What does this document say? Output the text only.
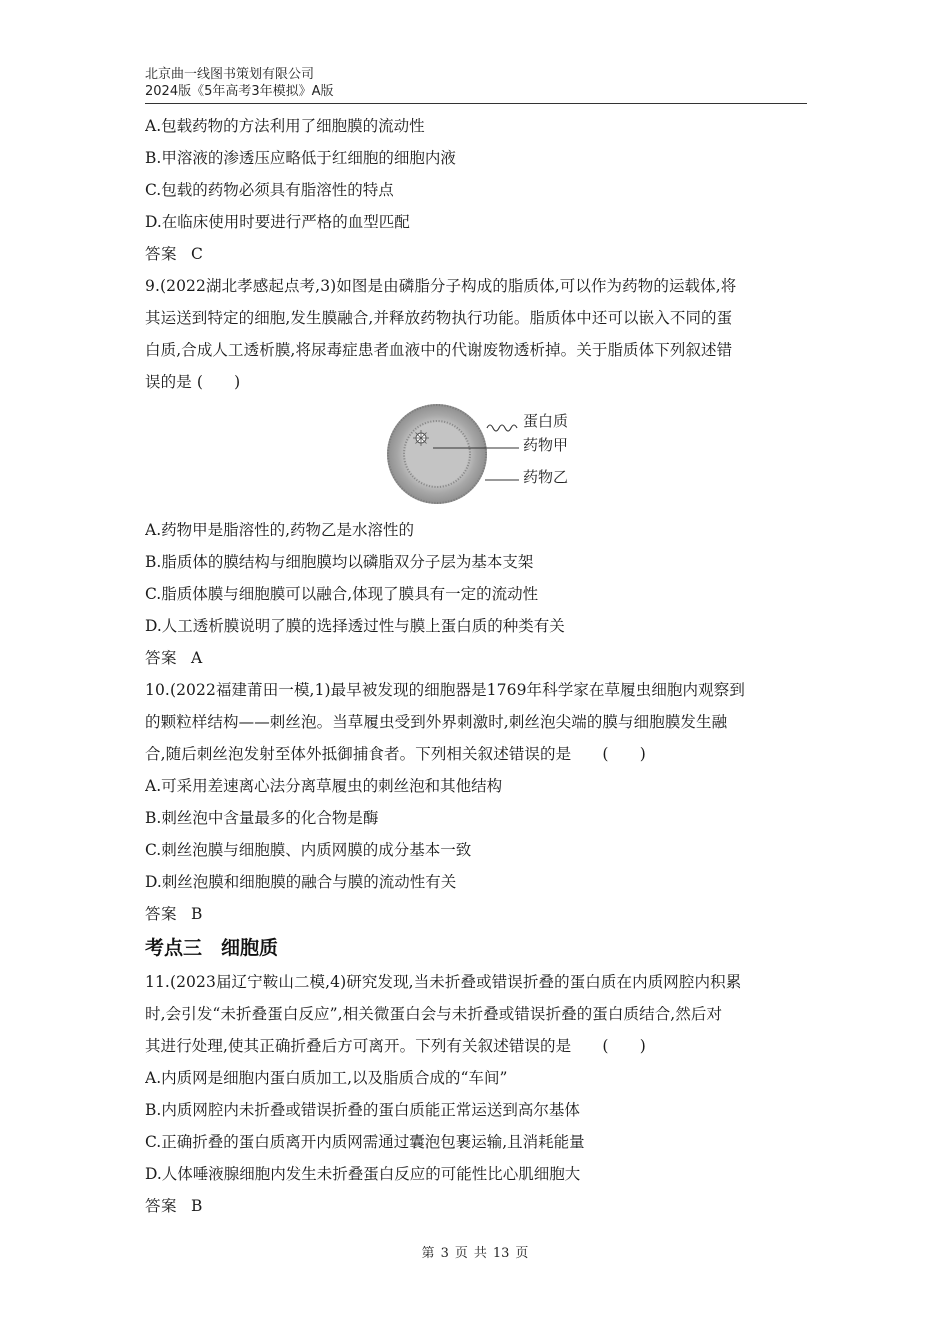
北京曲一线图书策划有限公司
2024版《5年高考3年模拟》A版
A.包载药物的方法利用了细胞膜的流动性
B.甲溶液的渗透压应略低于红细胞的细胞内液
C.包载的药物必须具有脂溶性的特点
D.在临床使用时要进行严格的血型匹配
答案 C
9.(2022湖北孝感起点考,3)如图是由磷脂分子构成的脂质体,可以作为药物的运载体,将
其运送到特定的细胞,发生膜融合,并释放药物执行功能。脂质体中还可以嵌入不同的蛋
白质,合成人工透析膜,将尿毒症患者血液中的代谢废物透析掉。关于脂质体下列叙述错
误的是 (　　)
蛋白质
药物甲
药物乙
A.药物甲是脂溶性的,药物乙是水溶性的
B.脂质体的膜结构与细胞膜均以磷脂双分子层为基本支架
C.脂质体膜与细胞膜可以融合,体现了膜具有一定的流动性
D.人工透析膜说明了膜的选择透过性与膜上蛋白质的种类有关
答案 A
10.(2022福建莆田一模,1)最早被发现的细胞器是1769年科学家在草履虫细胞内观察到
的颗粒样结构——刺丝泡。当草履虫受到外界刺激时,刺丝泡尖端的膜与细胞膜发生融
合,随后刺丝泡发射至体外抵御捕食者。下列相关叙述错误的是　　(　　)
A.可采用差速离心法分离草履虫的刺丝泡和其他结构
B.刺丝泡中含量最多的化合物是酶
C.刺丝泡膜与细胞膜、内质网膜的成分基本一致
D.刺丝泡膜和细胞膜的融合与膜的流动性有关
答案 B
考点三　细胞质
11.(2023届辽宁鞍山二模,4)研究发现,当未折叠或错误折叠的蛋白质在内质网腔内积累
时,会引发“未折叠蛋白反应”,相关微蛋白会与未折叠或错误折叠的蛋白质结合,然后对
其进行处理,使其正确折叠后方可离开。下列有关叙述错误的是　　(　　)
A.内质网是细胞内蛋白质加工,以及脂质合成的“车间”
B.内质网腔内未折叠或错误折叠的蛋白质能正常运送到高尔基体
C.正确折叠的蛋白质离开内质网需通过囊泡包裹运输,且消耗能量
D.人体唾液腺细胞内发生未折叠蛋白反应的可能性比心肌细胞大
答案 B
第 3 页 共 13 页
